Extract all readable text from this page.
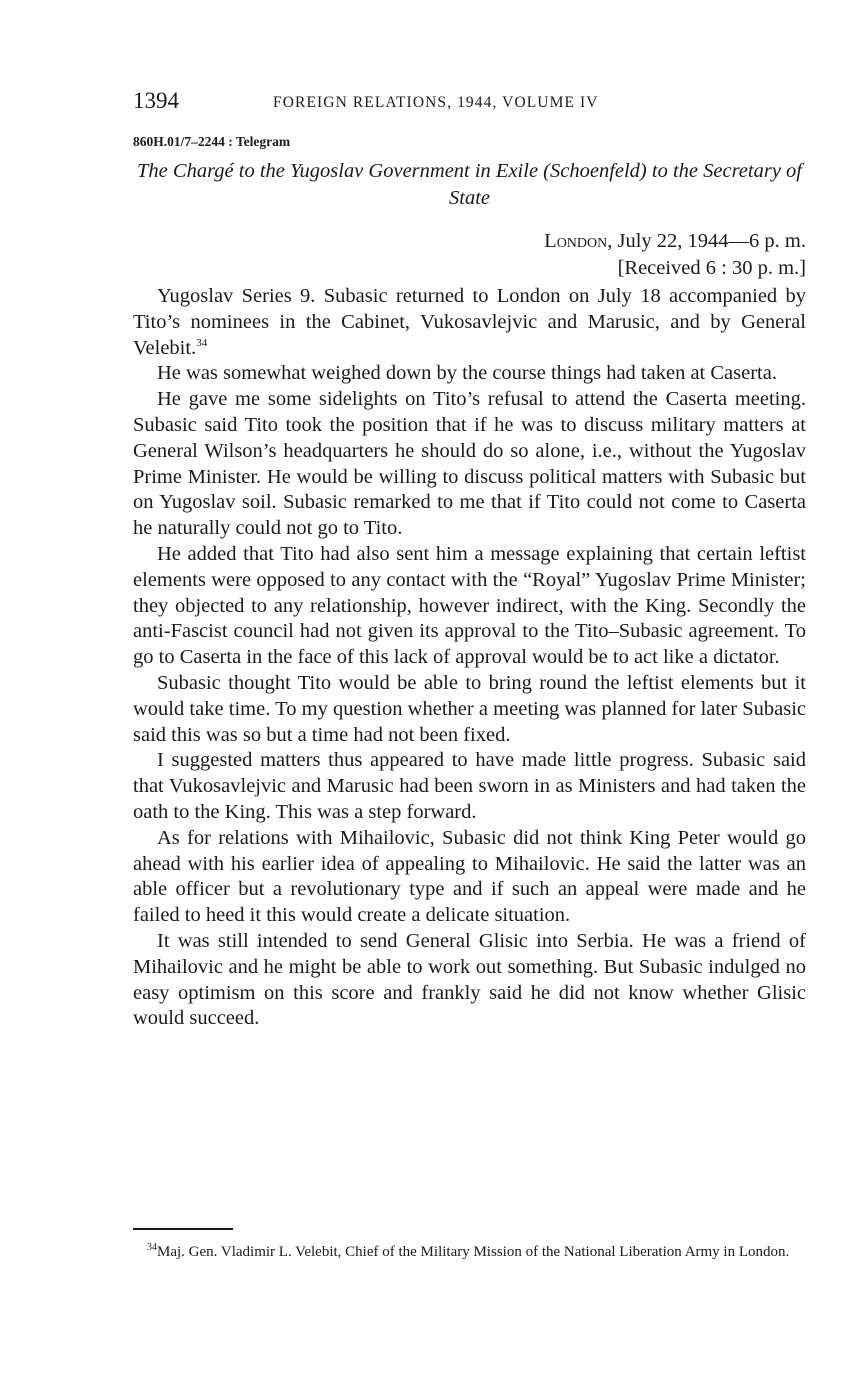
1394	FOREIGN RELATIONS, 1944, VOLUME IV
860H.01/7–2244 : Telegram
The Chargé to the Yugoslav Government in Exile (Schoenfeld) to the Secretary of State
London, July 22, 1944—6 p. m.
[Received 6 : 30 p. m.]

Yugoslav Series 9. Subasic returned to London on July 18 accompanied by Tito’s nominees in the Cabinet, Vukosavlejvic and Marusic, and by General Velebit.$^{34}$

He was somewhat weighed down by the course things had taken at Caserta.

He gave me some sidelights on Tito’s refusal to attend the Caserta meeting. Subasic said Tito took the position that if he was to discuss military matters at General Wilson’s headquarters he should do so alone, i.e., without the Yugoslav Prime Minister. He would be willing to discuss political matters with Subasic but on Yugoslav soil. Subasic remarked to me that if Tito could not come to Caserta he naturally could not go to Tito.

He added that Tito had also sent him a message explaining that certain leftist elements were opposed to any contact with the “Royal” Yugoslav Prime Minister; they objected to any relationship, however indirect, with the King. Secondly the anti-Fascist council had not given its approval to the Tito–Subasic agreement. To go to Caserta in the face of this lack of approval would be to act like a dictator.

Subasic thought Tito would be able to bring round the leftist elements but it would take time. To my question whether a meeting was planned for later Subasic said this was so but a time had not been fixed.

I suggested matters thus appeared to have made little progress. Subasic said that Vukosavlejvic and Marusic had been sworn in as Ministers and had taken the oath to the King. This was a step forward.

As for relations with Mihailovic, Subasic did not think King Peter would go ahead with his earlier idea of appealing to Mihailovic. He said the latter was an able officer but a revolutionary type and if such an appeal were made and he failed to heed it this would create a delicate situation.

It was still intended to send General Glisic into Serbia. He was a friend of Mihailovic and he might be able to work out something. But Subasic indulged no easy optimism on this score and frankly said he did not know whether Glisic would succeed.

$^{34}$Maj. Gen. Vladimir L. Velebit, Chief of the Military Mission of the National Liberation Army in London.
